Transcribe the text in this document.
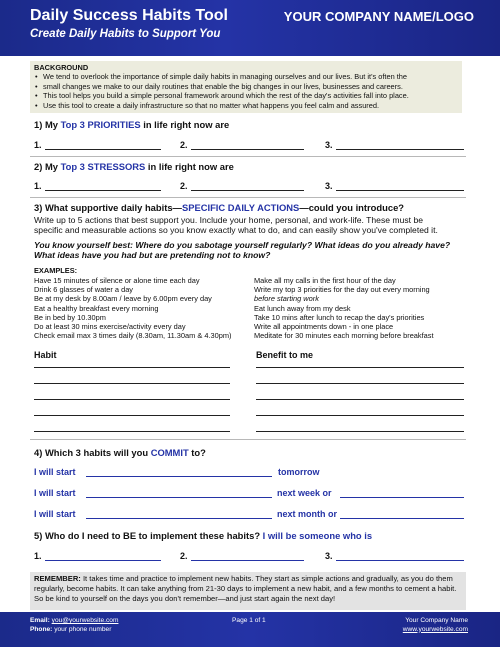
Daily Success Habits Tool
Create Daily Habits to Support You
YOUR COMPANY NAME/LOGO
BACKGROUND
• We tend to overlook the importance of simple daily habits in managing ourselves and our lives. But it's often the
• small changes we make to our daily routines that enable the big changes in our lives, businesses and careers.
• This tool helps you build a simple personal framework around which the rest of the day's activities fall into place.
• Use this tool to create a daily infrastructure so that no matter what happens you feel calm and assured.
1) My Top 3 PRIORITIES in life right now are
1.	2.	3.
2) My Top 3 STRESSORS in life right now are
1.	2.	3.
3) What supportive daily habits—SPECIFIC DAILY ACTIONS—could you introduce?
Write up to 5 actions that best support you. Include your home, personal, and work-life. These must be
specific and measurable actions so you know exactly what to do, and can easily show you've completed it.
You know yourself best: Where do you sabotage yourself regularly? What ideas do you already have?
What ideas have you had but are pretending not to know?
EXAMPLES:
Have 15 minutes of silence or alone time each day
Drink 6 glasses of water a day
Be at my desk by 8.00am / leave by 6.00pm every day
Eat a healthy breakfast every morning
Be in bed by 10.30pm
Do at least 30 mins exercise/activity every day
Check email max 3 times daily (8.30am, 11.30am & 4.30pm)
Make all my calls in the first hour of the day
Write my top 3 priorities for the day out every morning
before starting work
Eat lunch away from my desk
Take 10 mins after lunch to recap the day's priorities
Write all appointments down - in one place
Meditate for 30 minutes each morning before breakfast
Habit	Benefit to me
4) Which 3 habits will you COMMIT to?
I will start	tomorrow
I will start	next week or
I will start	next month or
5) Who do I need to BE to implement these habits? I will be someone who is
1.	2.	3.
REMEMBER: It takes time and practice to implement new habits. They start as simple actions and gradually, as you do them regularly, become habits. It can take anything from 21-30 days to implement a new habit, and a few months to cement a habit. So be kind to yourself on the days you don't remember—and just start again the next day!
Email: you@yourwebsite.com
Phone: your phone number
Page 1 of 1	Your Company Name
www.yourwebsite.com
